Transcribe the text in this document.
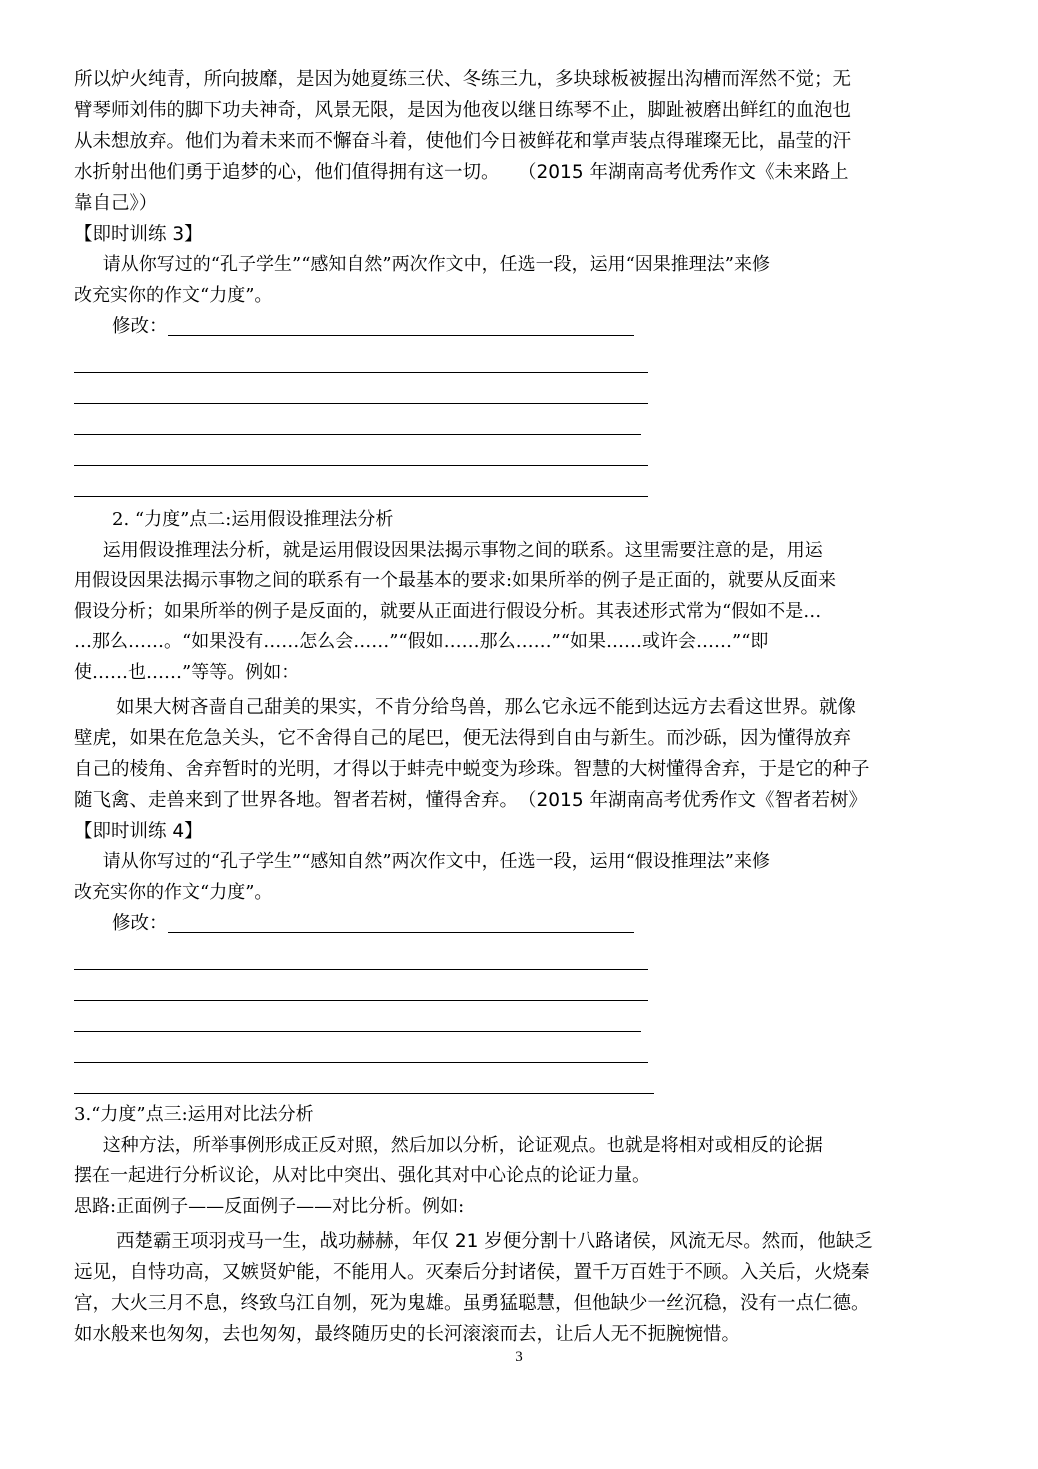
所以炉火纯青，所向披靡，是因为她夏练三伏、冬练三九，多块球板被握出沟槽而浑然不觉；无

臂琴师刘伟的脚下功夫神奇，风景无限，是因为他夜以继日练琴不止，脚趾被磨出鲜红的血泡也

从未想放弃。他们为着未来而不懈奋斗着，使他们今日被鲜花和掌声装点得璀璨无比，晶莹的汗

水折射出他们勇于追梦的心，他们值得拥有这一切。　　（2015 年湖南高考优秀作文《未来路上

靠自己》）

【即时训练 3】

请从你写过的“孔子学生”“感知自然”两次作文中，任选一段，运用“因果推理法”来修

改充实你的作文“力度”。

修改：

2. “力度”点二:运用假设推理法分析

运用假设推理法分析，就是运用假设因果法揭示事物之间的联系。这里需要注意的是，用运

用假设因果法揭示事物之间的联系有一个最基本的要求:如果所举的例子是正面的，就要从反面来

假设分析；如果所举的例子是反面的，就要从正面进行假设分析。其表述形式常为“假如不是…

…那么……。“如果没有……怎么会……”“假如……那么……”“如果……或许会……”“即

使……也……”等等。例如：

如果大树吝啬自己甜美的果实，不肯分给鸟兽，那么它永远不能到达远方去看这世界。就像

壁虎，如果在危急关头，它不舍得自己的尾巴，便无法得到自由与新生。而沙砾，因为懂得放弃

自己的棱角、舍弃暂时的光明，才得以于蚌壳中蜕变为珍珠。智慧的大树懂得舍弃，于是它的种子

随飞禽、走兽来到了世界各地。智者若树，懂得舍弃。　（2015 年湖南高考优秀作文《智者若树》

【即时训练 4】

请从你写过的“孔子学生”“感知自然”两次作文中，任选一段，运用“假设推理法”来修

改充实你的作文“力度”。

修改：

3.“力度”点三:运用对比法分析

这种方法，所举事例形成正反对照，然后加以分析，论证观点。也就是将相对或相反的论据

摆在一起进行分析议论，从对比中突出、强化其对中心论点的论证力量。

思路:正面例子——反面例子——对比分析。例如:

西楚霸王项羽戎马一生，战功赫赫，年仅 21 岁便分割十八路诸侯，风流无尽。然而，他缺乏

远见，自恃功高，又嫉贤妒能，不能用人。灭秦后分封诸侯，置千万百姓于不顾。入关后，火烧秦

宫，大火三月不息，终致乌江自刎，死为鬼雄。虽勇猛聪慧，但他缺少一丝沉稳，没有一点仁德。

如水般来也匆匆，去也匆匆，最终随历史的长河滚滚而去，让后人无不扼腕惋惜。

3
